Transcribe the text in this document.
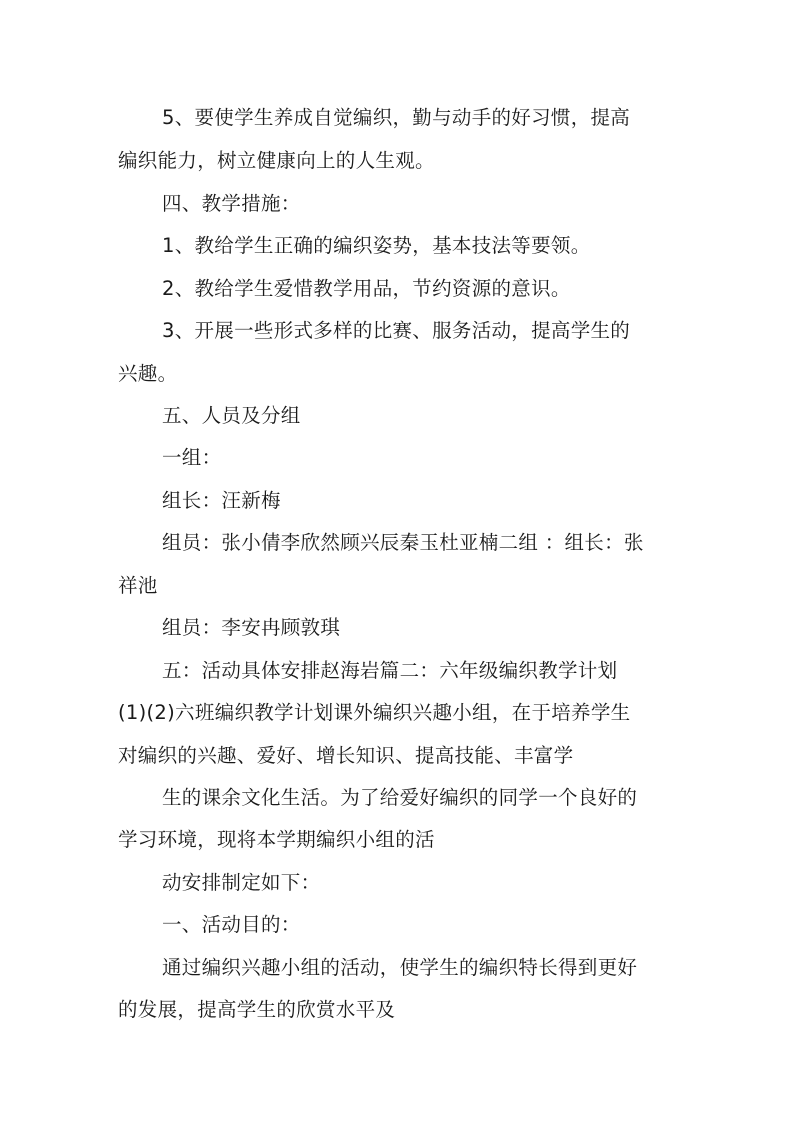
5、要使学生养成自觉编织，勤与动手的好习惯，提高
编织能力，树立健康向上的人生观。
四、教学措施：
1、教给学生正确的编织姿势，基本技法等要领。
2、教给学生爱惜教学用品，节约资源的意识。
3、开展一些形式多样的比赛、服务活动，提高学生的
兴趣。
五、人员及分组
一组：
组长：汪新梅
组员：张小倩李欣然顾兴辰秦玉杜亚楠二组 ：组长：张
祥池
组员：李安冉顾敦琪
五：活动具体安排赵海岩篇二：六年级编织教学计划
(1)(2)六班编织教学计划课外编织兴趣小组，在于培养学生
对编织的兴趣、爱好、增长知识、提高技能、丰富学
生的课余文化生活。为了给爱好编织的同学一个良好的
学习环境，现将本学期编织小组的活
动安排制定如下：
一、活动目的：
通过编织兴趣小组的活动，使学生的编织特长得到更好
的发展，提高学生的欣赏水平及
